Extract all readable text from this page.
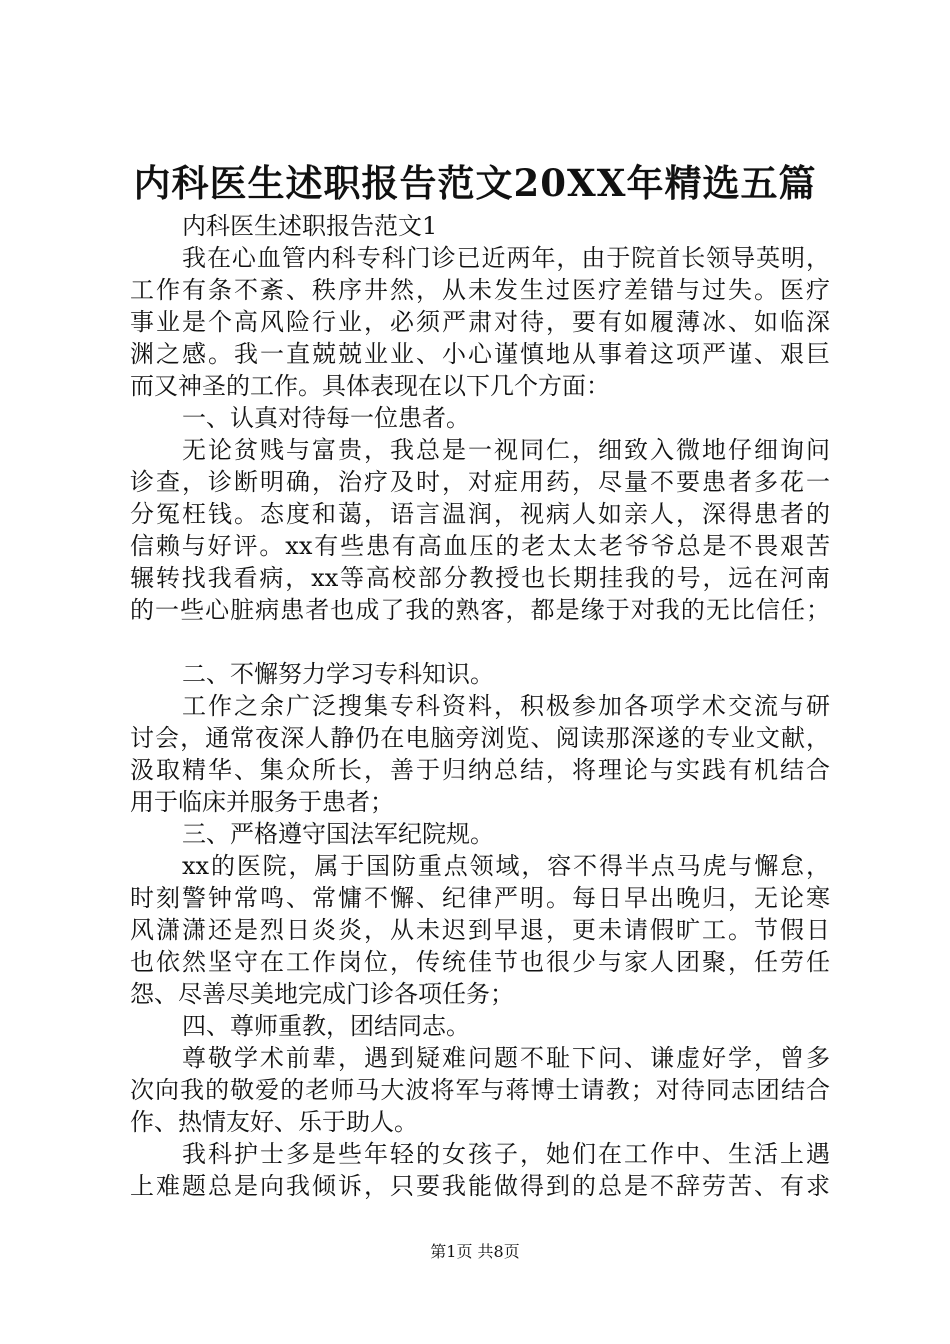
内科医生述职报告范文20XX年精选五篇
内科医生述职报告范文1
我在心血管内科专科门诊已近两年，由于院首长领导英明，
工作有条不紊、秩序井然，从未发生过医疗差错与过失。医疗
事业是个高风险行业，必须严肃对待，要有如履薄冰、如临深
渊之感。我一直兢兢业业、小心谨慎地从事着这项严谨、艰巨
而又神圣的工作。具体表现在以下几个方面：
一、认真对待每一位患者。
无论贫贱与富贵，我总是一视同仁，细致入微地仔细询问
诊查，诊断明确，治疗及时，对症用药，尽量不要患者多花一
分冤枉钱。态度和蔼，语言温润，视病人如亲人，深得患者的
信赖与好评。xx有些患有高血压的老太太老爷爷总是不畏艰苦
辗转找我看病，xx等高校部分教授也长期挂我的号，远在河南
的一些心脏病患者也成了我的熟客，都是缘于对我的无比信任；
二、不懈努力学习专科知识。
工作之余广泛搜集专科资料，积极参加各项学术交流与研
讨会，通常夜深人静仍在电脑旁浏览、阅读那深遂的专业文献，
汲取精华、集众所长，善于归纳总结，将理论与实践有机结合
用于临床并服务于患者；
三、严格遵守国法军纪院规。
xx的医院，属于国防重点领域，容不得半点马虎与懈怠，
时刻警钟常鸣、常慵不懈、纪律严明。每日早出晚归，无论寒
风潇潇还是烈日炎炎，从未迟到早退，更未请假旷工。节假日
也依然坚守在工作岗位，传统佳节也很少与家人团聚，任劳任
怨、尽善尽美地完成门诊各项任务；
四、尊师重教，团结同志。
尊敬学术前辈，遇到疑难问题不耻下问、谦虚好学，曾多
次向我的敬爱的老师马大波将军与蒋博士请教；对待同志团结合
作、热情友好、乐于助人。
我科护士多是些年轻的女孩子，她们在工作中、生活上遇
上难题总是向我倾诉，只要我能做得到的总是不辞劳苦、有求
第1页 共8页
